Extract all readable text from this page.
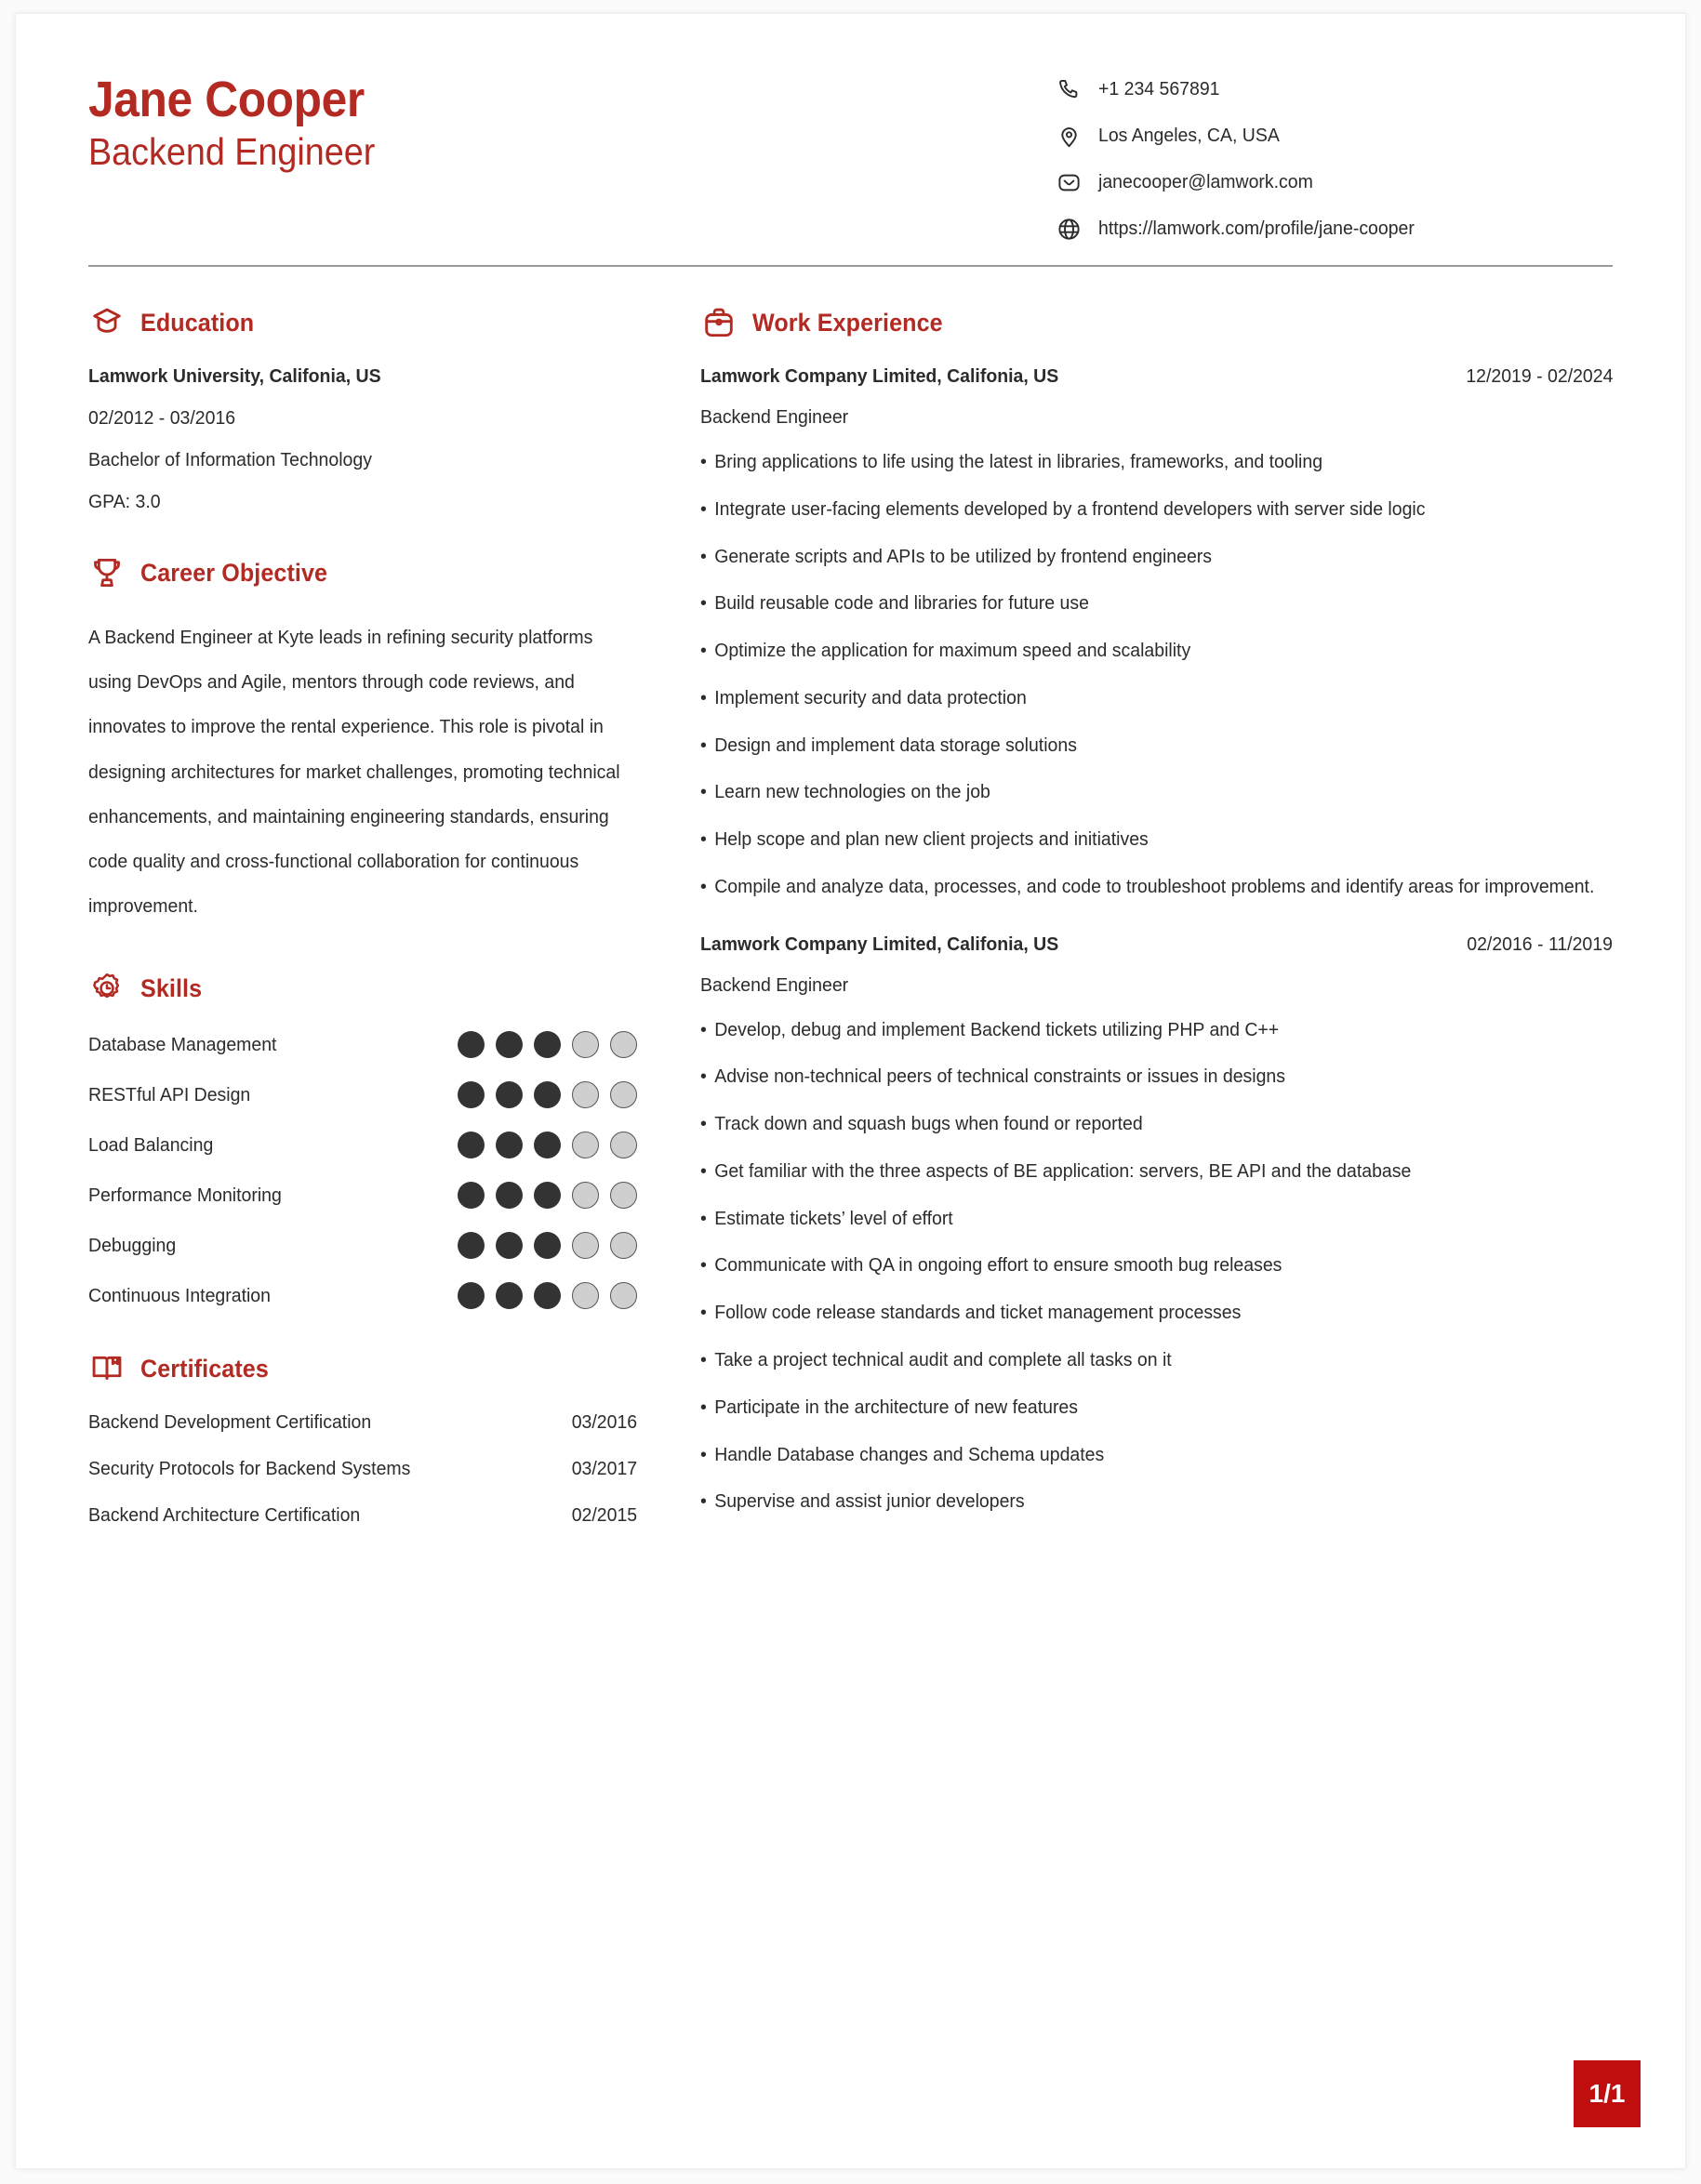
Jane Cooper
Backend Engineer
+1 234 567891
Los Angeles, CA, USA
janecooper@lamwork.com
https://lamwork.com/profile/jane-cooper
Education
Lamwork University, Califonia, US
02/2012 - 03/2016
Bachelor of Information Technology
GPA: 3.0
Career Objective
A Backend Engineer at Kyte leads in refining security platforms using DevOps and Agile, mentors through code reviews, and innovates to improve the rental experience. This role is pivotal in designing architectures for market challenges, promoting technical enhancements, and maintaining engineering standards, ensuring code quality and cross-functional collaboration for continuous improvement.
Skills
Database Management
RESTful API Design
Load Balancing
Performance Monitoring
Debugging
Continuous Integration
Certificates
Backend Development Certification	03/2016
Security Protocols for Backend Systems	03/2017
Backend Architecture Certification	02/2015
Work Experience
Lamwork Company Limited, Califonia, US	12/2019 - 02/2024
Backend Engineer
• Bring applications to life using the latest in libraries, frameworks, and tooling
• Integrate user-facing elements developed by a frontend developers with server side logic
• Generate scripts and APIs to be utilized by frontend engineers
• Build reusable code and libraries for future use
• Optimize the application for maximum speed and scalability
• Implement security and data protection
• Design and implement data storage solutions
• Learn new technologies on the job
• Help scope and plan new client projects and initiatives
• Compile and analyze data, processes, and code to troubleshoot problems and identify areas for improvement.
Lamwork Company Limited, Califonia, US	02/2016 - 11/2019
Backend Engineer
• Develop, debug and implement Backend tickets utilizing PHP and C++
• Advise non-technical peers of technical constraints or issues in designs
• Track down and squash bugs when found or reported
• Get familiar with the three aspects of BE application: servers, BE API and the database
• Estimate tickets’ level of effort
• Communicate with QA in ongoing effort to ensure smooth bug releases
• Follow code release standards and ticket management processes
• Take a project technical audit and complete all tasks on it
• Participate in the architecture of new features
• Handle Database changes and Schema updates
• Supervise and assist junior developers
1/1
